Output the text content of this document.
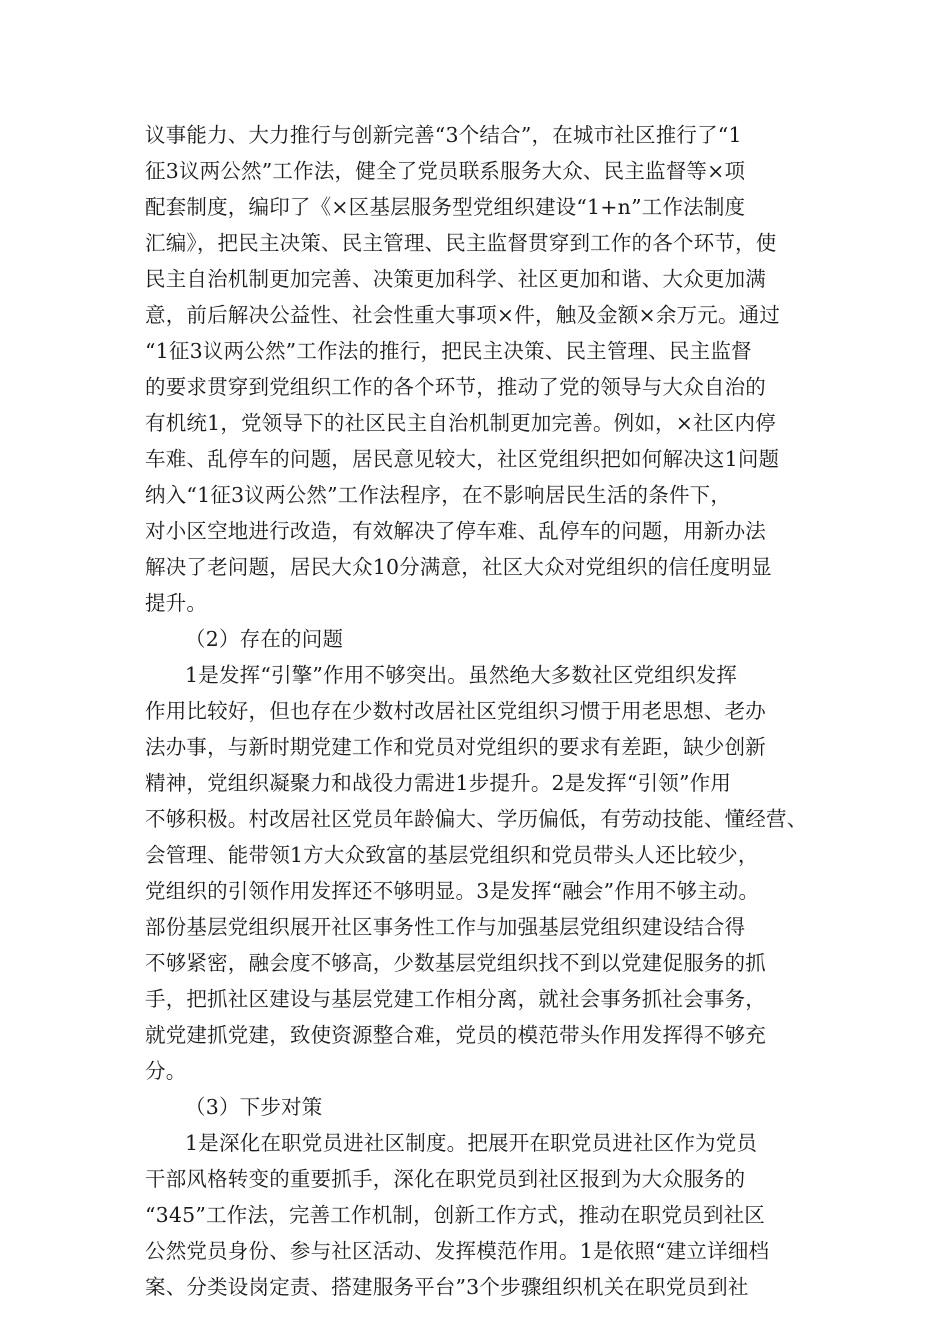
议事能力、大力推行与创新完善“3个结合”，在城市社区推行了“1
征3议两公然”工作法，健全了党员联系服务大众、民主监督等×项
配套制度，编印了《×区基层服务型党组织建设“1+n”工作法制度
汇编》，把民主决策、民主管理、民主监督贯穿到工作的各个环节，使
民主自治机制更加完善、决策更加科学、社区更加和谐、大众更加满
意，前后解决公益性、社会性重大事项×件，触及金额×余万元。通过
“1征3议两公然”工作法的推行，把民主决策、民主管理、民主监督
的要求贯穿到党组织工作的各个环节，推动了党的领导与大众自治的
有机统1，党领导下的社区民主自治机制更加完善。例如，×社区内停
车难、乱停车的问题，居民意见较大，社区党组织把如何解决这1问题
纳入“1征3议两公然”工作法程序，在不影响居民生活的条件下，
对小区空地进行改造，有效解决了停车难、乱停车的问题，用新办法
解决了老问题，居民大众10分满意，社区大众对党组织的信任度明显
提升。
（2）存在的问题
1是发挥“引擎”作用不够突出。虽然绝大多数社区党组织发挥
作用比较好，但也存在少数村改居社区党组织习惯于用老思想、老办
法办事，与新时期党建工作和党员对党组织的要求有差距，缺少创新
精神，党组织凝聚力和战役力需进1步提升。2是发挥“引领”作用
不够积极。村改居社区党员年龄偏大、学历偏低，有劳动技能、懂经营、
会管理、能带领1方大众致富的基层党组织和党员带头人还比较少，
党组织的引领作用发挥还不够明显。3是发挥“融会”作用不够主动。
部份基层党组织展开社区事务性工作与加强基层党组织建设结合得
不够紧密，融会度不够高，少数基层党组织找不到以党建促服务的抓
手，把抓社区建设与基层党建工作相分离，就社会事务抓社会事务，
就党建抓党建，致使资源整合难，党员的模范带头作用发挥得不够充
分。
（3）下步对策
1是深化在职党员进社区制度。把展开在职党员进社区作为党员
干部风格转变的重要抓手，深化在职党员到社区报到为大众服务的
“345”工作法，完善工作机制，创新工作方式，推动在职党员到社区
公然党员身份、参与社区活动、发挥模范作用。1是依照“建立详细档
案、分类设岗定责、搭建服务平台”3个步骤组织机关在职党员到社
